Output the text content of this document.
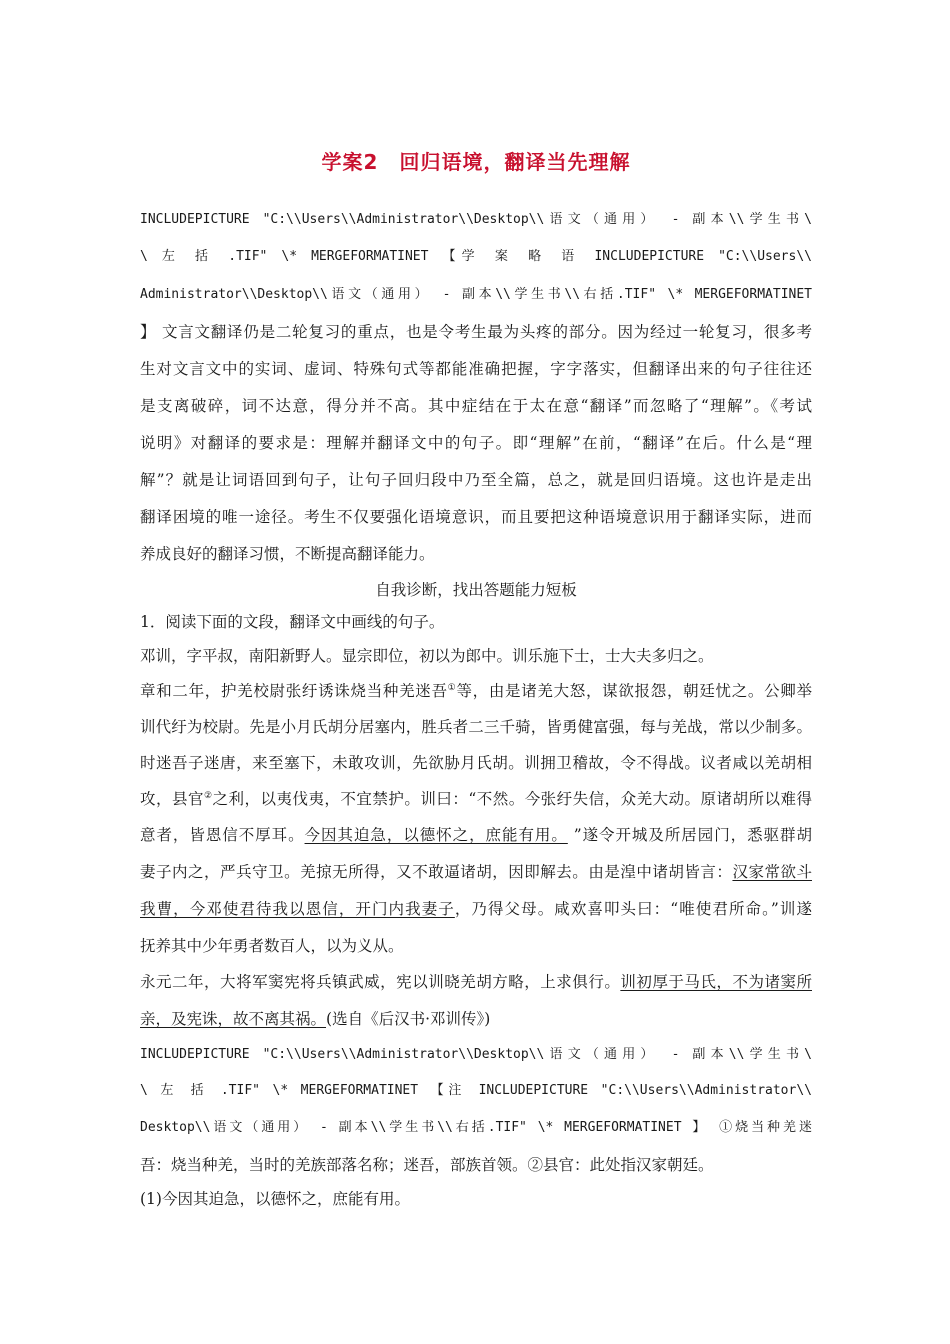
学案2　回归语境，翻译当先理解
INCLUDEPICTURE "C:\\Users\\Administrator\\Desktop\\语文（通用） - 副本\\学生书\
\ 左 括 .TIF" \* MERGEFORMATINET 【学 案 略 语 INCLUDEPICTURE "C:\\Users\\
Administrator\\Desktop\\语文（通用） - 副本\\学生书\\右括.TIF" \* MERGEFORMATINET
】 文言文翻译仍是二轮复习的重点，也是令考生最为头疼的部分。因为经过一轮复习，很多考
生对文言文中的实词、虚词、特殊句式等都能准确把握，字字落实，但翻译出来的句子往往还
是支离破碎，词不达意，得分并不高。其中症结在于太在意“翻译”而忽略了“理解”。《考试
说明》对翻译的要求是：理解并翻译文中的句子。即“理解”在前，“翻译”在后。什么是“理
解”？就是让词语回到句子，让句子回归段中乃至全篇，总之，就是回归语境。这也许是走出
翻译困境的唯一途径。考生不仅要强化语境意识，而且要把这种语境意识用于翻译实际，进而
养成良好的翻译习惯，不断提高翻译能力。
自我诊断，找出答题能力短板
1．阅读下面的文段，翻译文中画线的句子。
邓训，字平叔，南阳新野人。显宗即位，初以为郎中。训乐施下士，士大夫多归之。
章和二年，护羌校尉张纡诱诛烧当种羌迷吾①等，由是诸羌大怒，谋欲报怨，朝廷忧之。公卿举
训代纡为校尉。先是小月氏胡分居塞内，胜兵者二三千骑，皆勇健富强，每与羌战，常以少制多。
时迷吾子迷唐，来至塞下，未敢攻训，先欲胁月氏胡。训拥卫稽故，令不得战。议者咸以羌胡相
攻，县官②之利，以夷伐夷，不宜禁护。训曰：“不然。今张纡失信，众羌大动。原诸胡所以难得
意者，皆恩信不厚耳。今因其迫急，以德怀之，庶能有用。 ”遂令开城及所居园门，悉驱群胡
妻子内之，严兵守卫。羌掠无所得，又不敢逼诸胡，因即解去。由是湟中诸胡皆言：汉家常欲斗
我曹，今邓使君待我以恩信，开门内我妻子，乃得父母。咸欢喜叩头曰：“唯使君所命。”训遂
抚养其中少年勇者数百人，以为义从。
永元二年，大将军窦宪将兵镇武威，宪以训晓羌胡方略，上求俱行。训初厚于马氏，不为诸窦所
亲，及宪诛，故不离其祸。(选自《后汉书·邓训传》)
INCLUDEPICTURE "C:\\Users\\Administrator\\Desktop\\语文（通用） - 副本\\学生书\
\ 左 括 .TIF" \* MERGEFORMATINET 【注 INCLUDEPICTURE "C:\\Users\\Administrator\\
Desktop\\语文（通用） - 副本\\学生书\\右括.TIF" \* MERGEFORMATINET 】 ①烧当种羌迷
吾：烧当种羌，当时的羌族部落名称；迷吾，部族首领。②县官：此处指汉家朝廷。
(1)今因其迫急，以德怀之，庶能有用。
